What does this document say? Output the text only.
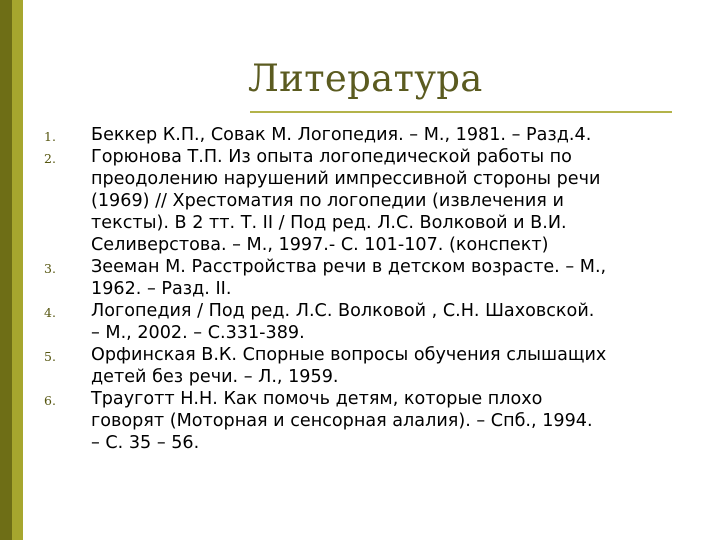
Литература
1. Беккер К.П., Совак М. Логопедия. – М., 1981. – Разд.4.
2. Горюнова Т.П. Из опыта логопедической работы по
преодолению нарушений импрессивной стороны речи
(1969) // Хрестоматия по логопедии (извлечения и
тексты). В 2 тт. Т. II / Под ред. Л.С. Волковой и В.И.
Селиверстова. – М., 1997.- С. 101-107. (конспект)
3. Зееман М. Расстройства речи в детском возрасте. – М.,
1962. – Разд. II.
4. Логопедия / Под ред. Л.С. Волковой , С.Н. Шаховской.
– М., 2002. – С.331-389.
5. Орфинская В.К. Спорные вопросы обучения слышащих
детей без речи. – Л., 1959.
6. Трауготт Н.Н. Как помочь детям, которые плохо
говорят (Моторная и сенсорная алалия). – Спб., 1994.
– С. 35 – 56.
